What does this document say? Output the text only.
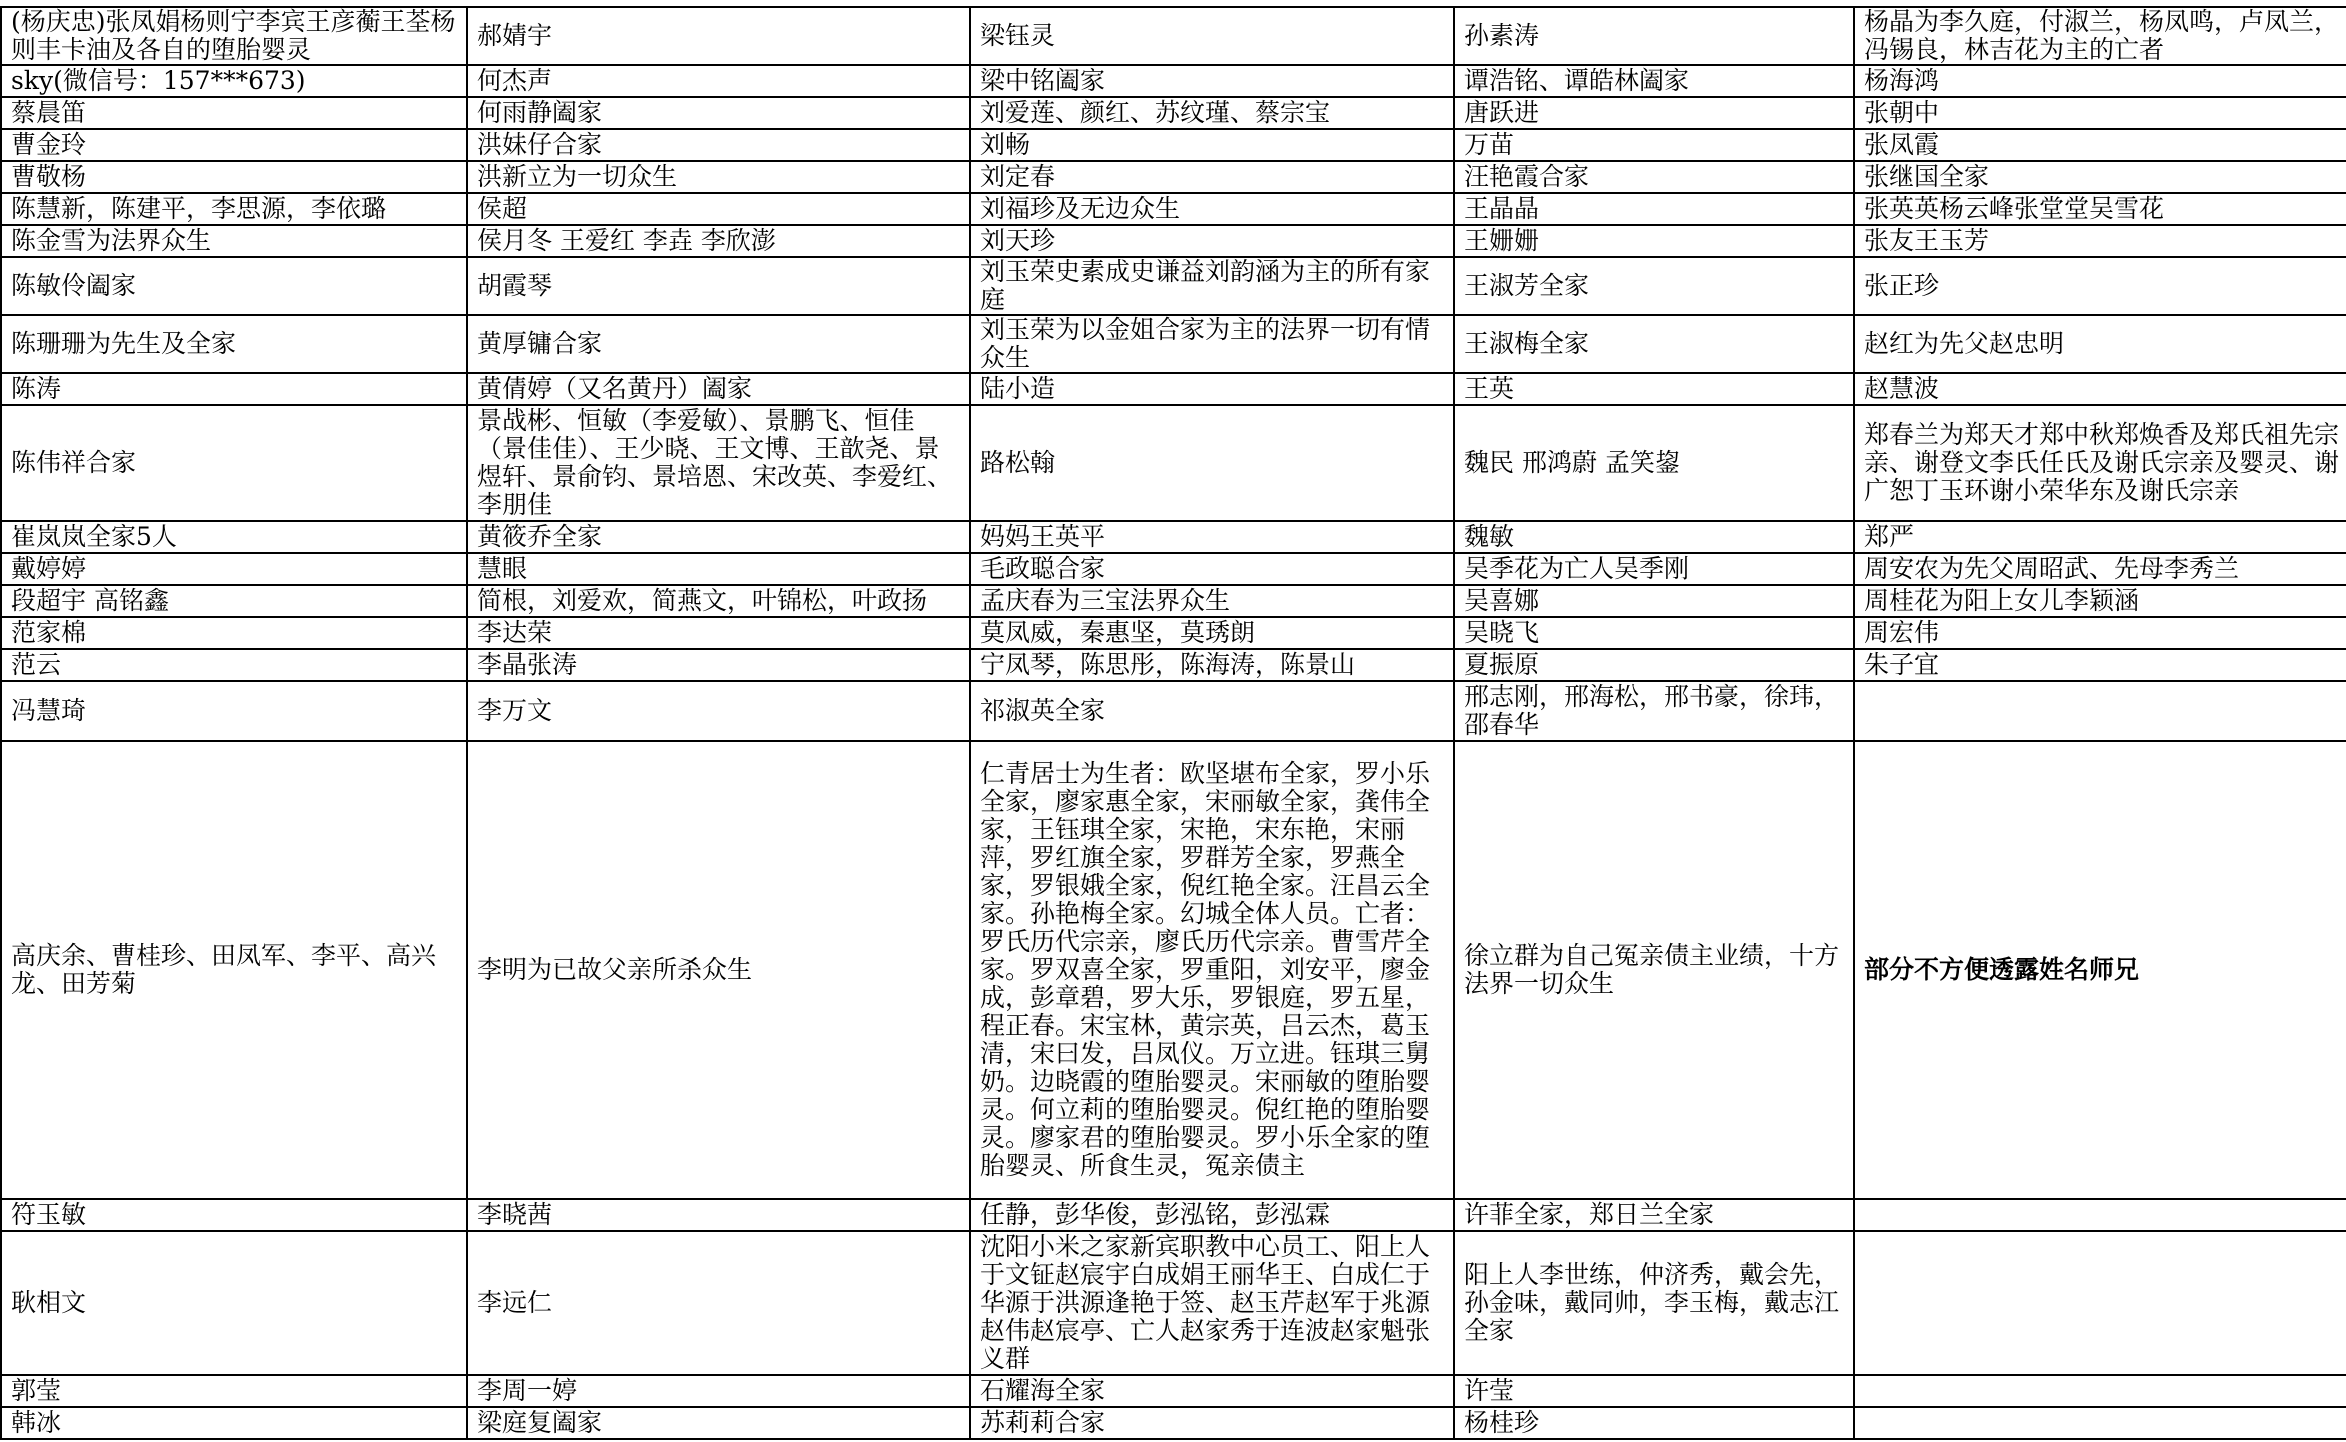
(杨庆忠)张凤娟杨则宁李宾王彦蘅王荃杨则丰卡油及各自的堕胎婴灵	郝婧宇	梁钰灵	孙素涛	杨晶为李久庭，付淑兰，杨凤鸣，卢凤兰，冯锡良，林吉花为主的亡者
sky(微信号：157***673)	何杰声	梁中铭阖家	谭浩铭、谭皓林阖家	杨海鸿
蔡晨笛	何雨静阖家	刘爱莲、颜红、苏纹瑾、蔡宗宝	唐跃进	张朝中
曹金玲	洪妹仔合家	刘畅	万苗	张凤霞
曹敬杨	洪新立为一切众生	刘定春	汪艳霞合家	张继国全家
陈慧新，陈建平，李思源，李依璐	侯超	刘福珍及无边众生	王晶晶	张英英杨云峰张堂堂吴雪花
陈金雪为法界众生	侯月冬 王爱红 李垚 李欣澎	刘天珍	王姗姗	张友王玉芳
陈敏伶阖家	胡霞琴	刘玉荣史素成史谦益刘韵涵为主的所有家庭	王淑芳全家	张正珍
陈珊珊为先生及全家	黄厚镛合家	刘玉荣为以金姐合家为主的法界一切有情众生	王淑梅全家	赵红为先父赵忠明
陈涛	黄倩婷（又名黄丹）阖家	陆小造	王英	赵慧波
陈伟祥合家	景战彬、恒敏（李爱敏）、景鹏飞、恒佳（景佳佳）、王少晓、王文博、王歆尧、景煜轩、景俞钧、景培恩、宋改英、李爱红、李朋佳	路松翰	魏民 邢鸿蔚 孟笑鋆	郑春兰为郑天才郑中秋郑焕香及郑氏祖先宗亲、谢登文李氏任氏及谢氏宗亲及婴灵、谢广恕丁玉环谢小荣华东及谢氏宗亲
崔岚岚全家5人	黄筱乔全家	妈妈王英平	魏敏	郑严
戴婷婷	慧眼	毛政聪合家	吴季花为亡人吴季刚	周安农为先父周昭武、先母李秀兰
段超宇 高铭鑫	简根，刘爱欢，简燕文，叶锦松，叶政扬	孟庆春为三宝法界众生	吴喜娜	周桂花为阳上女儿李颖涵
范家棉	李达荣	莫凤威，秦惠坚，莫琇朗	吴晓飞	周宏伟
范云	李晶张涛	宁凤琴，陈思彤，陈海涛，陈景山	夏振原	朱子宜
冯慧琦	李万文	祁淑英全家	邢志刚，邢海松，邢书豪，徐玮，邵春华	
高庆余、曹桂珍、田凤军、李平、高兴龙、田芳菊	李明为已故父亲所杀众生	仁青居士为生者：欧坚堪布全家，罗小乐全家，廖家惠全家，宋丽敏全家，龚伟全家，王钰琪全家，宋艳，宋东艳，宋丽萍，罗红旗全家，罗群芳全家，罗燕全家，罗银娥全家，倪红艳全家。汪昌云全家。孙艳梅全家。幻城全体人员。亡者：罗氏历代宗亲，廖氏历代宗亲。曹雪芹全家。罗双喜全家，罗重阳，刘安平，廖金成，彭章碧，罗大乐，罗银庭，罗五星，程正春。宋宝林，黄宗英，吕云杰，葛玉清，宋曰发，吕凤仪。万立进。钰琪三舅奶。边晓霞的堕胎婴灵。宋丽敏的堕胎婴灵。何立莉的堕胎婴灵。倪红艳的堕胎婴灵。廖家君的堕胎婴灵。罗小乐全家的堕胎婴灵、所食生灵，冤亲债主	徐立群为自己冤亲债主业绩，十方法界一切众生	部分不方便透露姓名师兄
符玉敏	李晓茜	任静，彭华俊，彭泓铭，彭泓霖	许菲全家，郑日兰全家	
耿相文	李远仁	沈阳小米之家新宾职教中心员工、阳上人于文钲赵宸宇白成娟王丽华王、白成仁于华源于洪源逢艳于签、赵玉芹赵军于兆源赵伟赵宸亭、亡人赵家秀于连波赵家魁张义群	阳上人李世练，仲济秀，戴会先，孙金味，戴同帅，李玉梅，戴志江全家	
郭莹	李周一婷	石耀海全家	许莹	
韩冰	梁庭复阖家	苏莉莉合家	杨桂珍	
